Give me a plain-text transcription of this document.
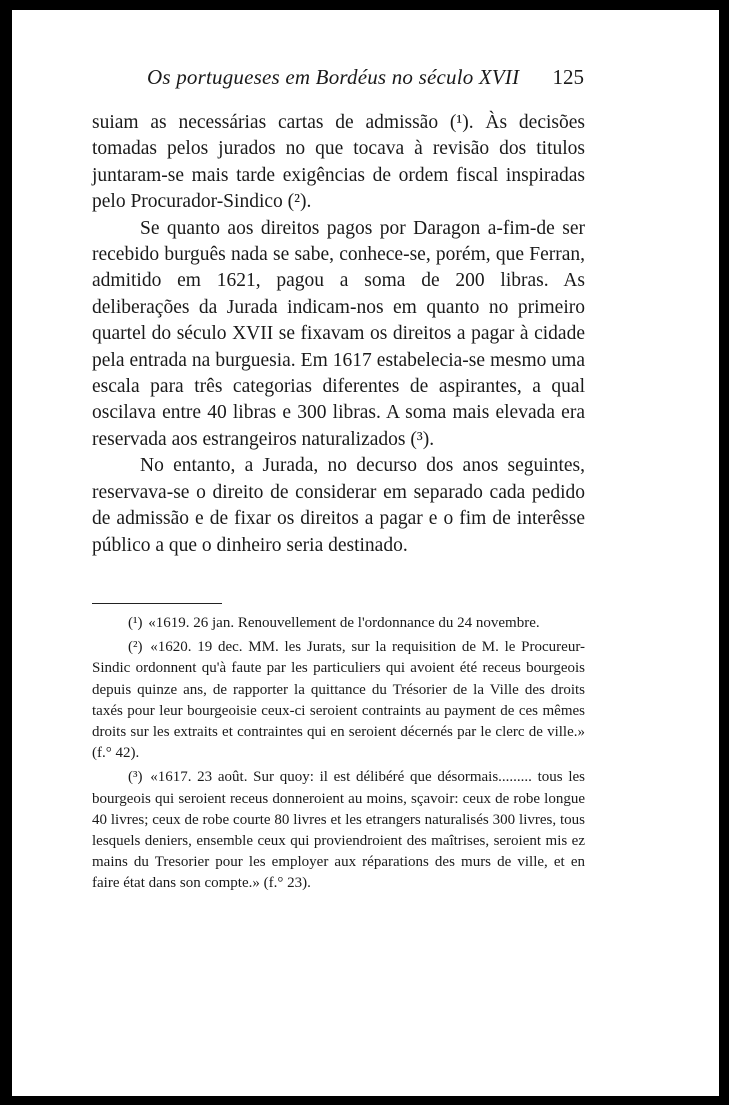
Os portugueses em Bordéus no século XVII 125

suiam as necessárias cartas de admissão (¹). Às decisões tomadas pelos jurados no que tocava à revisão dos titulos juntaram-se mais tarde exigências de ordem fiscal inspiradas pelo Procurador-Sindico (²).

Se quanto aos direitos pagos por Daragon a-fim-de ser recebido burguês nada se sabe, conhece-se, porém, que Ferran, admitido em 1621, pagou a soma de 200 libras. As deliberações da Jurada indicam-nos em quanto no primeiro quartel do século XVII se fixavam os direitos a pagar à cidade pela entrada na burguesia. Em 1617 estabelecia-se mesmo uma escala para três categorias diferentes de aspirantes, a qual oscilava entre 40 libras e 300 libras. A soma mais elevada era reservada aos estrangeiros naturalizados (³).

No entanto, a Jurada, no decurso dos anos seguintes, reservava-se o direito de considerar em separado cada pedido de admissão e de fixar os direitos a pagar e o fim de interêsse público a que o dinheiro seria destinado.

(¹) «1619. 26 jan. Renouvellement de l'ordonnance du 24 novembre.

(²) «1620. 19 dec. MM. les Jurats, sur la requisition de M. le Procureur-Sindic ordonnent qu'à faute par les particuliers qui avoient été receus bourgeois depuis quinze ans, de rapporter la quittance du Trésorier de la Ville des droits taxés pour leur bourgeoisie ceux-ci seroient contraints au payment de ces mêmes droits sur les extraits et contraintes qui en seroient décernés par le clerc de ville.» (f.° 42).

(³) «1617. 23 août. Sur quoy: il est délibéré que désormais......... tous les bourgeois qui seroient receus donneroient au moins, sçavoir: ceux de robe longue 40 livres; ceux de robe courte 80 livres et les etrangers naturalisés 300 livres, tous lesquels deniers, ensemble ceux qui proviendroient des maîtrises, seroient mis ez mains du Tresorier pour les employer aux réparations des murs de ville, et en faire état dans son compte.» (f.° 23).
